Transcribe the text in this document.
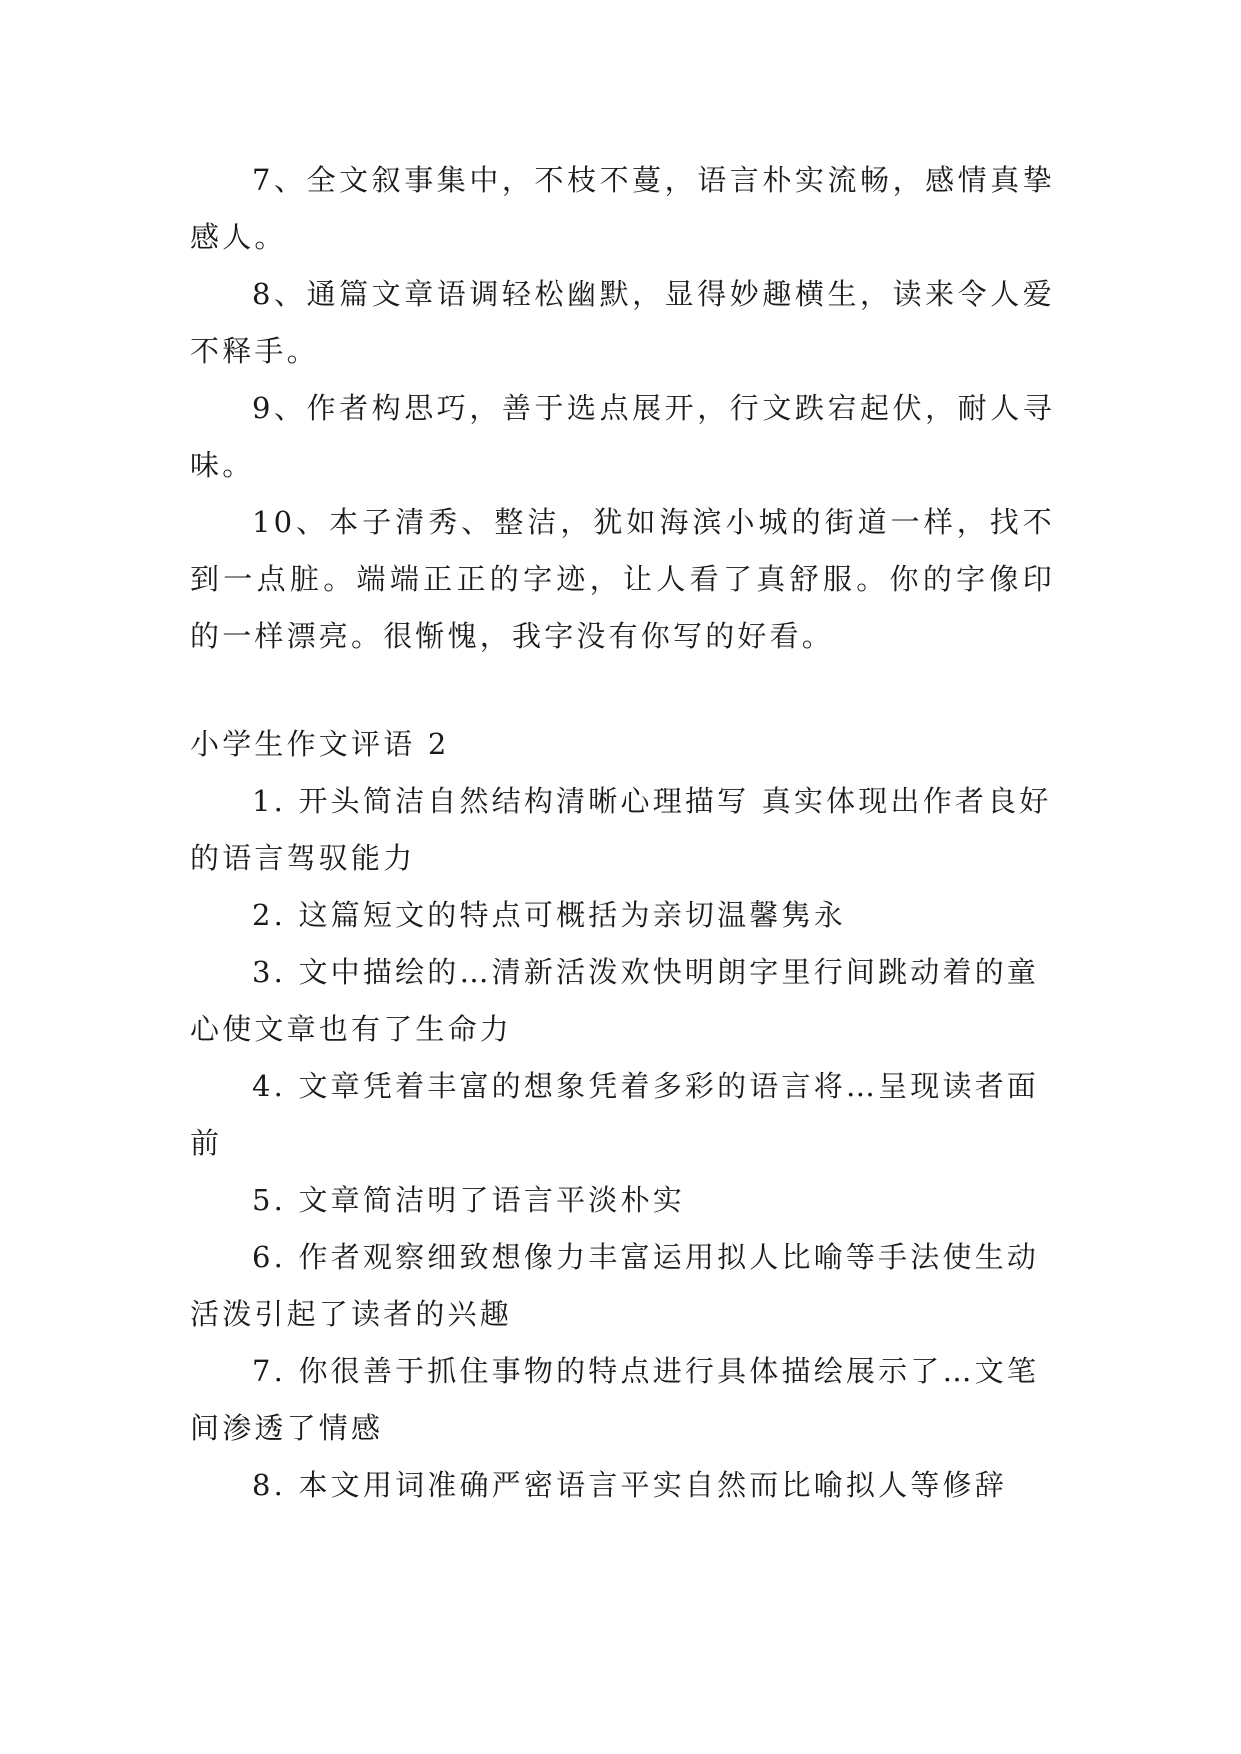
7、全文叙事集中，不枝不蔓，语言朴实流畅，感情真挚感人。

8、通篇文章语调轻松幽默，显得妙趣横生，读来令人爱不释手。

9、作者构思巧，善于选点展开，行文跌宕起伏，耐人寻味。

10、本子清秀、整洁，犹如海滨小城的街道一样，找不到一点脏。端端正正的字迹，让人看了真舒服。你的字像印的一样漂亮。很惭愧，我字没有你写的好看。

小学生作文评语 2

1. 开头简洁自然结构清晰心理描写 真实体现出作者良好的语言驾驭能力

2. 这篇短文的特点可概括为亲切温馨隽永

3. 文中描绘的…清新活泼欢快明朗字里行间跳动着的童心使文章也有了生命力

4. 文章凭着丰富的想象凭着多彩的语言将…呈现读者面前

5. 文章简洁明了语言平淡朴实

6. 作者观察细致想像力丰富运用拟人比喻等手法使生动活泼引起了读者的兴趣

7. 你很善于抓住事物的特点进行具体描绘展示了…文笔间渗透了情感

8. 本文用词准确严密语言平实自然而比喻拟人等修辞
